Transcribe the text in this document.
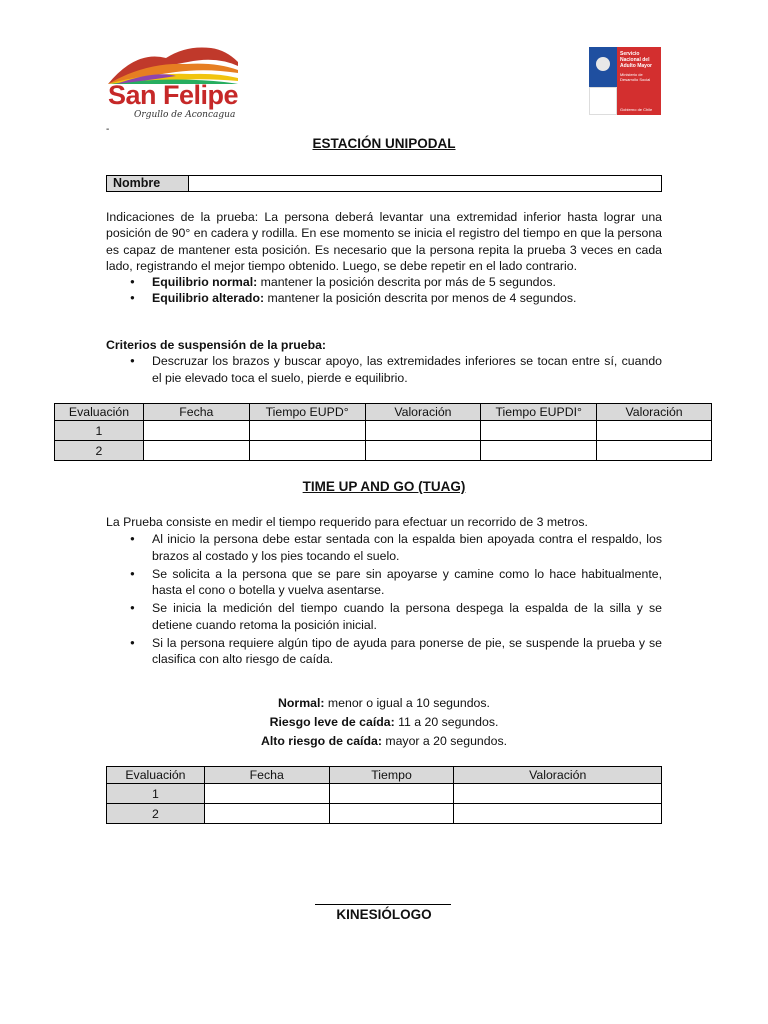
San Felipe
Orgullo de Aconcagua
Servicio Nacional del Adulto Mayor
Ministerio de Desarrollo Social
Gobierno de Chile
-
ESTACIÓN UNIPODAL
Nombre
Indicaciones de la prueba: La persona deberá levantar una extremidad inferior hasta lograr una posición de 90° en cadera y rodilla. En ese momento se inicia el registro del tiempo en que la persona es capaz de mantener esta posición. Es necesario que la persona repita la prueba 3 veces en cada lado, registrando el mejor tiempo obtenido. Luego, se debe repetir en el lado contrario.
● Equilibrio normal: mantener la posición descrita por más de 5 segundos.
● Equilibrio alterado: mantener la posición descrita por menos de 4 segundos.
Criterios de suspensión de la prueba:
● Descruzar los brazos y buscar apoyo, las extremidades inferiores se tocan entre sí, cuando el pie elevado toca el suelo, pierde e equilibrio.
Evaluación	Fecha	Tiempo EUPD°	Valoración	Tiempo EUPDI°	Valoración
1					
2					
TIME UP AND GO (TUAG)
La Prueba consiste en medir el tiempo requerido para efectuar un recorrido de 3 metros.
● Al inicio la persona debe estar sentada con la espalda bien apoyada contra el respaldo, los brazos al costado y los pies tocando el suelo.
● Se solicita a la persona que se pare sin apoyarse y camine como lo hace habitualmente, hasta el cono o botella y vuelva asentarse.
● Se inicia la medición del tiempo cuando la persona despega la espalda de la silla y se detiene cuando retoma la posición inicial.
● Si la persona requiere algún tipo de ayuda para ponerse de pie, se suspende la prueba y se clasifica con alto riesgo de caída.
Normal: menor o igual a 10 segundos.
Riesgo leve de caída: 11 a 20 segundos.
Alto riesgo de caída: mayor a 20 segundos.
Evaluación	Fecha	Tiempo	Valoración
1			
2			
KINESIÓLOGO
